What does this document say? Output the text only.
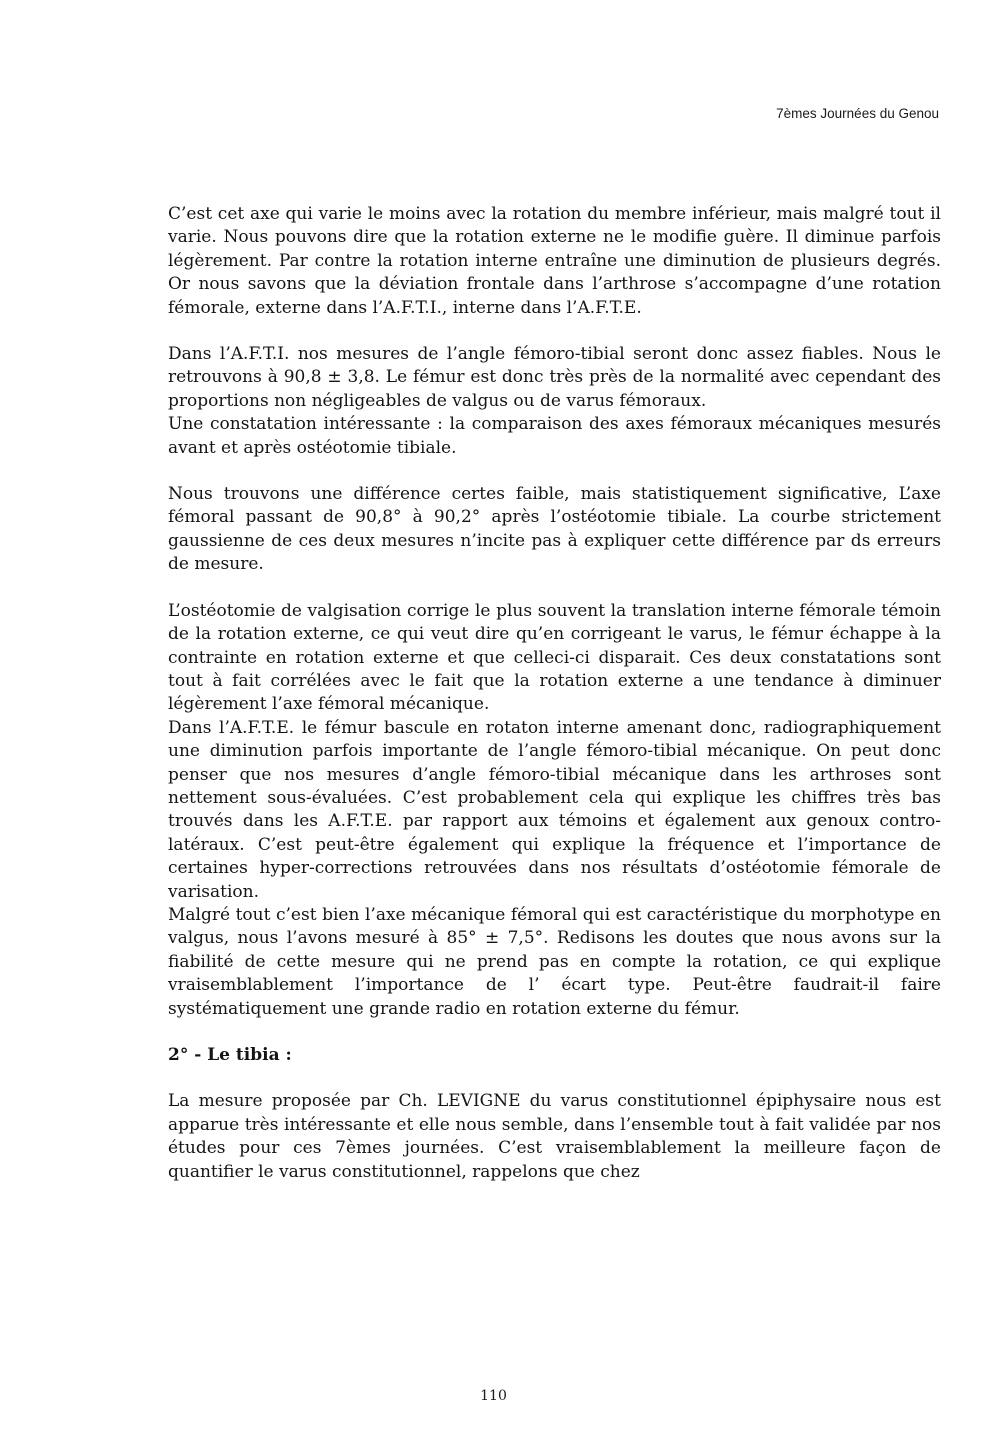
7èmes Journées du Genou

C’est cet axe qui varie le moins avec la rotation du membre inférieur, mais malgré tout il varie. Nous pouvons dire que la rotation externe ne le modifie guère. Il diminue parfois légèrement. Par contre la rotation interne entraîne une diminution de plusieurs degrés. Or nous savons que la déviation frontale dans l’arthrose s’accompagne d’une rotation fémorale, externe dans l’A.F.T.I., interne dans l’A.F.T.E.

Dans l’A.F.T.I. nos mesures de l’angle fémoro-tibial seront donc assez fiables. Nous le retrouvons à 90,8 ± 3,8. Le fémur est donc très près de la normalité avec cependant des proportions non négligeables de valgus ou de varus fémoraux.

Une constatation intéressante : la comparaison des axes fémoraux mécaniques mesurés avant et après ostéotomie tibiale.

Nous trouvons une différence certes faible, mais statistiquement significative, L’axe fémoral passant de 90,8° à 90,2° après l’ostéotomie tibiale. La courbe strictement gaussienne de ces deux mesures n’incite pas à expliquer cette différence par ds erreurs de mesure.

L’ostéotomie de valgisation corrige le plus souvent la translation interne fémorale témoin de la rotation externe, ce qui veut dire qu’en corrigeant le varus, le fémur échappe à la contrainte en rotation externe et que celleci-ci disparait. Ces deux constatations sont tout à fait corrélées avec le fait que la rotation externe a une tendance à diminuer légèrement l’axe fémoral mécanique.

Dans l’A.F.T.E. le fémur bascule en rotaton interne amenant donc, radiographiquement une diminution parfois importante de l’angle fémoro-tibial mécanique. On peut donc penser que nos mesures d’angle fémoro-tibial mécanique dans les arthroses sont nettement sous-évaluées. C’est probablement cela qui explique les chiffres très bas trouvés dans les A.F.T.E. par rapport aux témoins et également aux genoux contro-latéraux. C’est peut-être également qui explique la fréquence et l’importance de certaines hyper-corrections retrouvées dans nos résultats d’ostéotomie fémorale de varisation.

Malgré tout c’est bien l’axe mécanique fémoral qui est caractéristique du morphotype en valgus, nous l’avons mesuré à 85° ± 7,5°. Redisons les doutes que nous avons sur la fiabilité de cette mesure qui ne prend pas en compte la rotation, ce qui explique vraisemblablement l’importance de l’ écart type. Peut-être faudrait-il faire systématiquement une grande radio en rotation externe du fémur.

2° - Le tibia :

La mesure proposée par Ch. LEVIGNE du varus constitutionnel épiphysaire nous est apparue très intéressante et elle nous semble, dans l’ensemble tout à fait validée par nos études pour ces 7èmes journées. C’est vraisemblablement la meilleure façon de quantifier le varus constitutionnel, rappelons que chez

110
